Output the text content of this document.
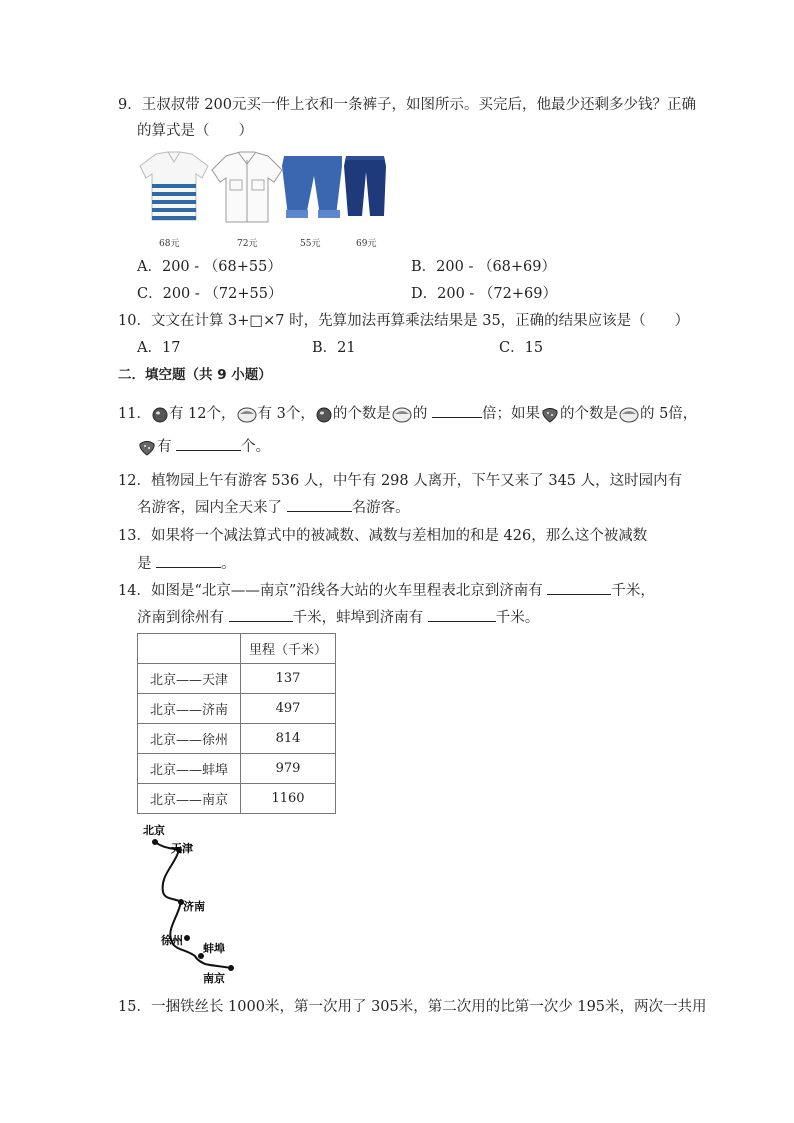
9．王叔叔带 200元买一件上衣和一条裤子，如图所示。买完后，他最少还剩多少钱？正确
的算式是（　　）
68元	72元	55元	69元
A．200 - （68+55）	B．200 - （68+69）
C．200 - （72+55）	D．200 - （72+69）
10．文文在计算 3+□×7 时，先算加法再算乘法结果是 35，正确的结果应该是（　　）
A．17	B．21	C．15
二．填空题（共 9 小题）
11． 有 12个， 有 3个， 的个数是 的	倍；如果 的个数是 的 5倍，
有	个。
12．植物园上午有游客 536 人，中午有 298 人离开，下午又来了 345 人，这时园内有
名游客，园内全天来了	名游客。
13．如果将一个减法算式中的被减数、减数与差相加的和是 426，那么这个被减数
是	。
14．如图是“北京——南京”沿线各大站的火车里程表北京到济南有	千米，
济南到徐州有	千米，蚌埠到济南有	千米。
	里程（千米）
北京——天津	137
北京——济南	497
北京——徐州	814
北京——蚌埠	979
北京——南京	1160
北京
天津
济南
徐州
蚌埠
南京
15．一捆铁丝长 1000米，第一次用了 305米，第二次用的比第一次少 195米，两次一共用
